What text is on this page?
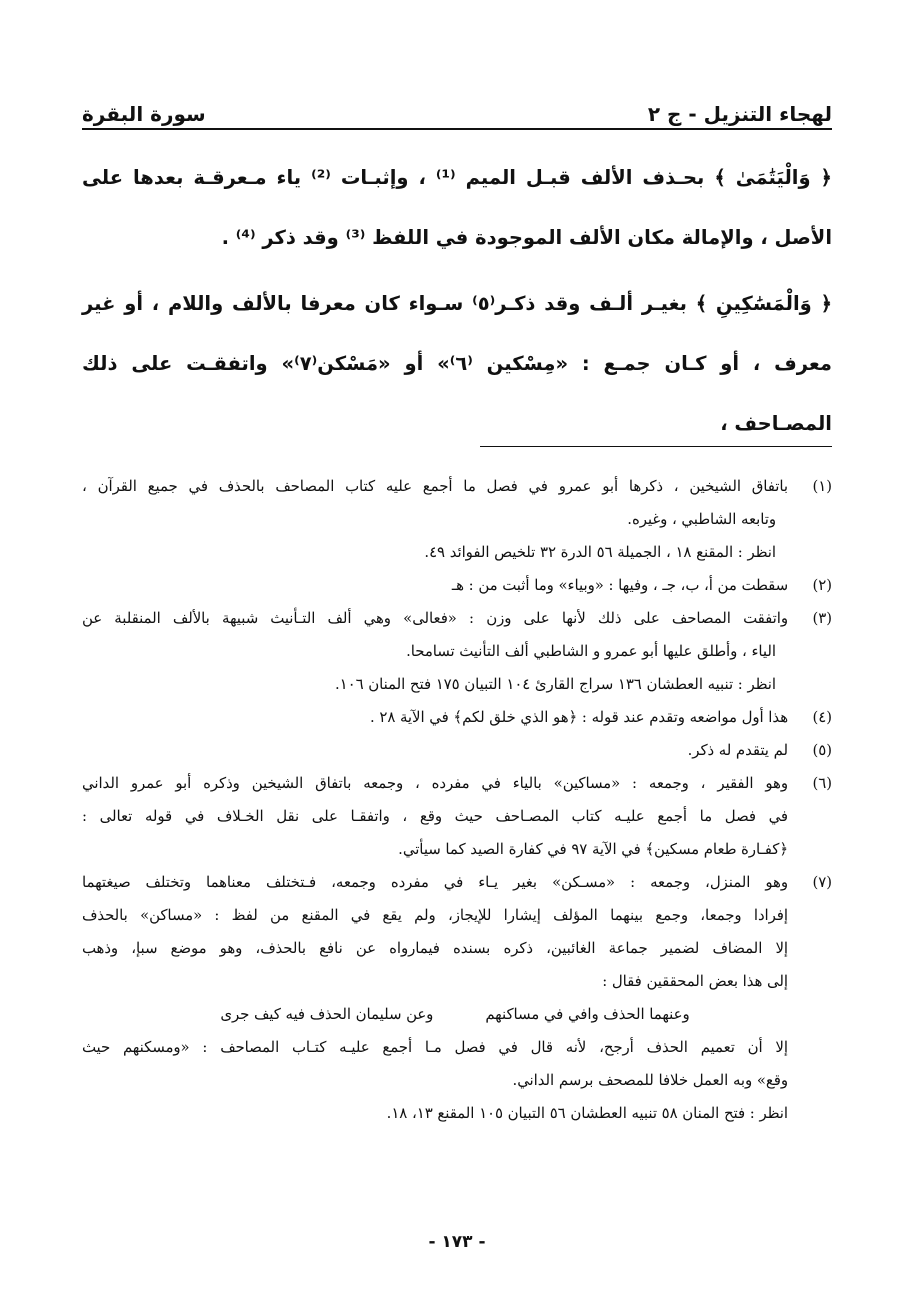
لهجاء التنزيل - ج ٢
سورة البقرة

﴿ وَالْيَتَٰمَىٰ ﴾ بحـذف الألف قبـل الميم ⁽¹⁾ ، وإثبـات ⁽²⁾ ياء مـعرقـة بعدها على الأصل ، والإمالة مكان الألف الموجودة في اللفظ ⁽³⁾ وقد ذكر ⁽⁴⁾ .

﴿ وَالْمَسَٰكِينِ ﴾ بغيـر ألـف وقد ذكـر⁽٥⁾ سـواء كان معرفا بالألف واللام ، أو غير معرف ، أو كـان جمـع : «مِسْكين ⁽٦⁾» أو «مَسْكن⁽٧⁾» واتفقـت على ذلك المصـاحف ،

(١)
باتفاق الشيخين ، ذكرها أبو عمرو في فصل ما أجمع عليه كتاب المصاحف بالحذف في جميع القرآن ،
وتابعه الشاطبي ، وغيره.
انظر : المقنع ١٨ ، الجميلة ٥٦ الدرة ٣٢ تلخيص الفوائد ٤٩.
(٢)
سقطت من أ، ب، جـ ، وفيها : «وبياء» وما أثبت من : هـ
(٣)
واتفقت المصاحف على ذلك لأنها على وزن : «فعالى» وهي ألف التـأنيث شبيهة بالألف المنقلبة عن
الياء ، وأطلق عليها أبو عمرو و الشاطبي ألف التأنيث تسامحا.
انظر : تنبيه العطشان ١٣٦ سراج القارئ ١٠٤ التبيان ١٧٥ فتح المنان ١٠٦.
(٤)
هذا أول مواضعه وتقدم عند قوله : ﴿هو الذي خلق لكم﴾ في الآية ٢٨ .
(٥)
لم يتقدم له ذكر.
(٦)
وهو الفقير ، وجمعه : «مساكين» بالياء في مفرده ، وجمعه باتفاق الشيخين وذكره أبو عمرو الداني
في فصل ما أجمع عليـه كتاب المصـاحف حيث وقع ، واتفقـا على نقل الخـلاف في قوله تعالى :
﴿كفـارة طعام مسكين﴾ في الآية ٩٧ في كفارة الصيد كما سيأتي.
(٧)
وهو المنزل، وجمعه : «مسـكن» بغير يـاء في مفرده وجمعه، فـتختلف معناهما وتختلف صيغتهما
إفرادا وجمعا، وجمع بينهما المؤلف إيشارا للإيجاز، ولم يقع في المقنع من لفظ : «مساكن» بالحذف
إلا المضاف لضمير جماعة الغائبين، ذكره بسنده فيمارواه عن نافع بالحذف، وهو موضع سبإ، وذهب
إلى هذا بعض المحققين فقال :
وعنهما الحذف وافي في مساكنهم
وعن سليمان الحذف فيه كيف جرى
إلا أن تعميم الحذف أرجح، لأنه قال في فصل مـا أجمع عليـه كتـاب المصاحف : «ومسكنهم حيث
وقع» وبه العمل خلافا للمصحف برسم الداني.
انظر : فتح المنان ٥٨ تنبيه العطشان ٥٦ التبيان ١٠٥ المقنع ١٣، ١٨.
- ١٧٣ -
